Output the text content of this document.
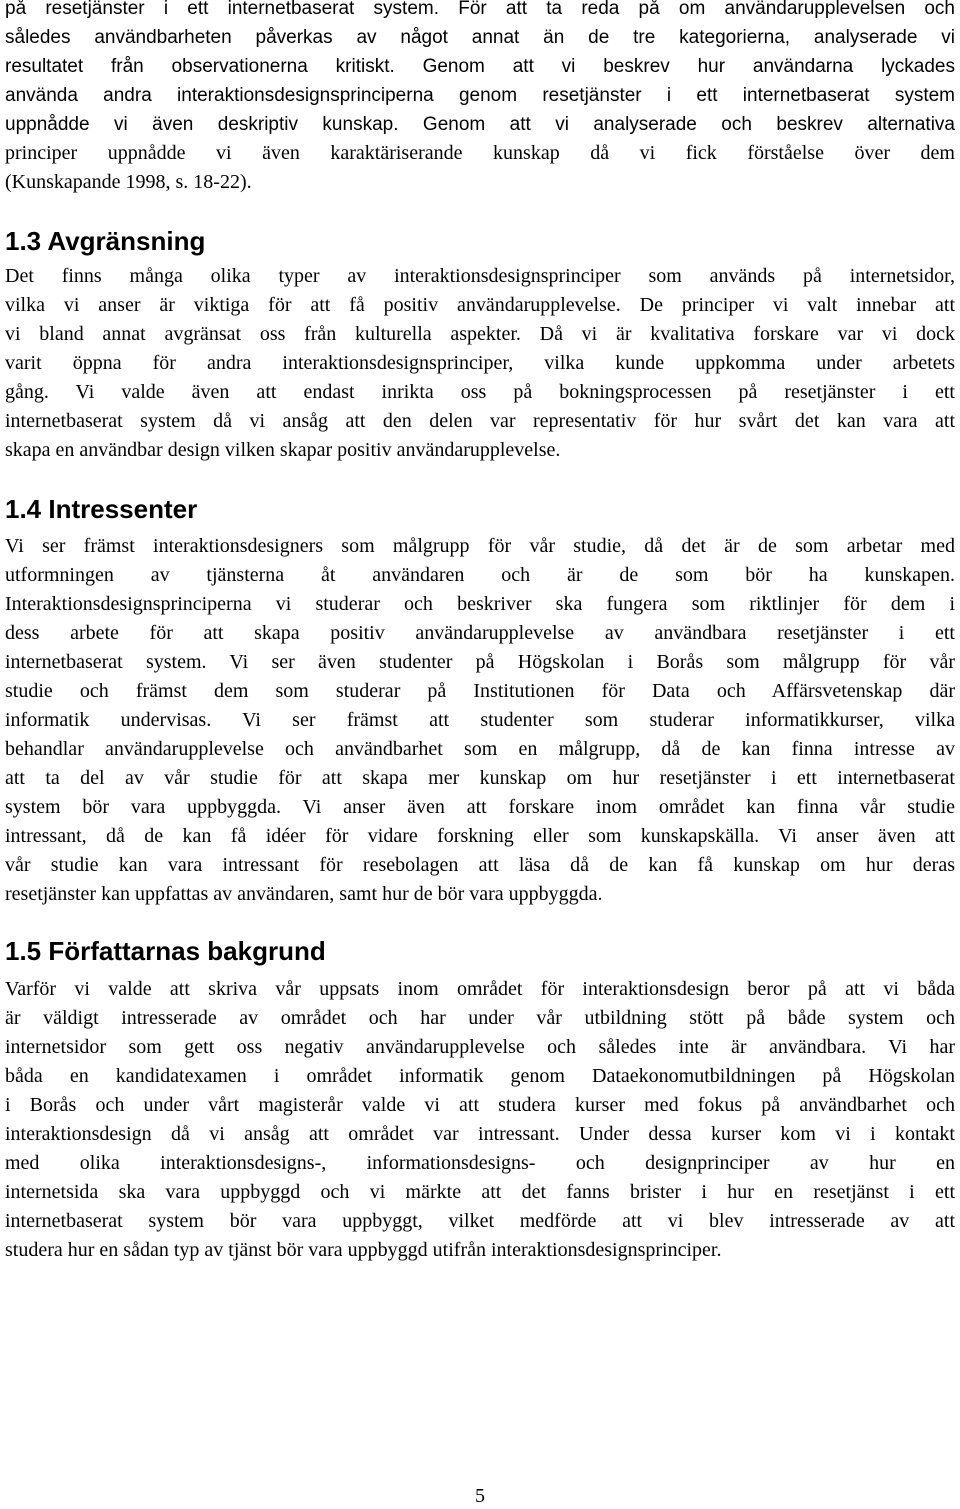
på resetjänster i ett internetbaserat system. För att ta reda på om användarupplevelsen och
således användbarheten påverkas av något annat än de tre kategorierna, analyserade vi
resultatet från observationerna kritiskt. Genom att vi beskrev hur användarna lyckades
använda andra interaktionsdesignsprinciperna genom resetjänster i ett internetbaserat system
uppnådde vi även deskriptiv kunskap. Genom att vi analyserade och beskrev alternativa
principer uppnådde vi även karaktäriserande kunskap då vi fick förståelse över dem
(Kunskapande 1998, s. 18-22).
1.3 Avgränsning
Det finns många olika typer av interaktionsdesignsprinciper som används på internetsidor,
vilka vi anser är viktiga för att få positiv användarupplevelse. De principer vi valt innebar att
vi bland annat avgränsat oss från kulturella aspekter. Då vi är kvalitativa forskare var vi dock
varit öppna för andra interaktionsdesignsprinciper, vilka kunde uppkomma under arbetets
gång. Vi valde även att endast inrikta oss på bokningsprocessen på resetjänster i ett
internetbaserat system då vi ansåg att den delen var representativ för hur svårt det kan vara att
skapa en användbar design vilken skapar positiv användarupplevelse.
1.4 Intressenter
Vi ser främst interaktionsdesigners som målgrupp för vår studie, då det är de som arbetar med
utformningen av tjänsterna åt användaren och är de som bör ha kunskapen.
Interaktionsdesignsprinciperna vi studerar och beskriver ska fungera som riktlinjer för dem i
dess arbete för att skapa positiv användarupplevelse av användbara resetjänster i ett
internetbaserat system. Vi ser även studenter på Högskolan i Borås som målgrupp för vår
studie och främst dem som studerar på Institutionen för Data och Affärsvetenskap där
informatik undervisas. Vi ser främst att studenter som studerar informatikkurser, vilka
behandlar användarupplevelse och användbarhet som en målgrupp, då de kan finna intresse av
att ta del av vår studie för att skapa mer kunskap om hur resetjänster i ett internetbaserat
system bör vara uppbyggda. Vi anser även att forskare inom området kan finna vår studie
intressant, då de kan få idéer för vidare forskning eller som kunskapskälla. Vi anser även att
vår studie kan vara intressant för resebolagen att läsa då de kan få kunskap om hur deras
resetjänster kan uppfattas av användaren, samt hur de bör vara uppbyggda.
1.5 Författarnas bakgrund
Varför vi valde att skriva vår uppsats inom området för interaktionsdesign beror på att vi båda
är väldigt intresserade av området och har under vår utbildning stött på både system och
internetsidor som gett oss negativ användarupplevelse och således inte är användbara. Vi har
båda en kandidatexamen i området informatik genom Dataekonomutbildningen på Högskolan
i Borås och under vårt magisterår valde vi att studera kurser med fokus på användbarhet och
interaktionsdesign då vi ansåg att området var intressant. Under dessa kurser kom vi i kontakt
med olika interaktionsdesigns-, informationsdesigns- och designprinciper av hur en
internetsida ska vara uppbyggd och vi märkte att det fanns brister i hur en resetjänst i ett
internetbaserat system bör vara uppbyggt, vilket medförde att vi blev intresserade av att
studera hur en sådan typ av tjänst bör vara uppbyggd utifrån interaktionsdesignsprinciper.
5
